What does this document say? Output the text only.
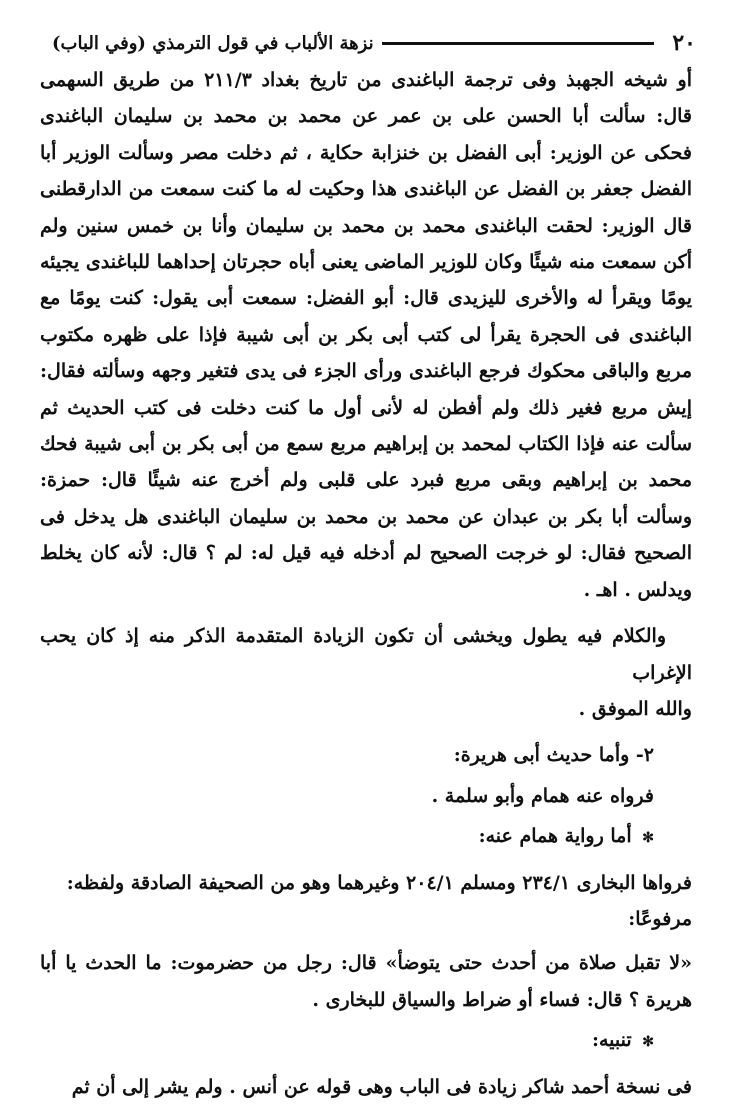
٢٠
نزهة الألباب في قول الترمذي (وفي الباب)

أو شيخه الجهبذ وفى ترجمة الباغندى من تاريخ بغداد ٢١١/٣ من طريق السهمى قال: سألت أبا الحسن على بن عمر عن محمد بن محمد بن سليمان الباغندى فحكى عن الوزير: أبى الفضل بن خنزابة حكاية ، ثم دخلت مصر وسألت الوزير أبا الفضل جعفر بن الفضل عن الباغندى هذا وحكيت له ما كنت سمعت من الدارقطنى قال الوزير: لحقت الباغندى محمد بن محمد بن سليمان وأنا بن خمس سنين ولم أكن سمعت منه شيئًا وكان للوزير الماضى يعنى أباه حجرتان إحداهما للباغندى يجيئه يومًا ويقرأ له والأخرى لليزيدى قال: أبو الفضل: سمعت أبى يقول: كنت يومًا مع الباغندى فى الحجرة يقرأ لى كتب أبى بكر بن أبى شيبة فإذا على ظهره مكتوب مربع والباقى محكوك فرجع الباغندى ورأى الجزء فى يدى فتغير وجهه وسألته فقال: إيش مربع فغير ذلك ولم أفطن له لأنى أول ما كنت دخلت فى كتب الحديث ثم سألت عنه فإذا الكتاب لمحمد بن إبراهيم مربع سمع من أبى بكر بن أبى شيبة فحك محمد بن إبراهيم وبقى مربع فبرد على قلبى ولم أخرج عنه شيئًا قال: حمزة: وسألت أبا بكر بن عبدان عن محمد بن محمد بن سليمان الباغندى هل يدخل فى الصحيح فقال: لو خرجت الصحيح لم أدخله فيه قيل له: لم ؟ قال: لأنه كان يخلط ويدلس . اهـ .

والكلام فيه يطول ويخشى أن تكون الزيادة المتقدمة الذكر منه إذ كان يحب الإغراب
والله الموفق .

٢- وأما حديث أبى هريرة:

فرواه عنه همام وأبو سلمة .

✻ أما رواية همام عنه:

فرواها البخارى ٢٣٤/١ ومسلم ٢٠٤/١ وغيرهما وهو من الصحيفة الصادقة ولفظه:
مرفوعًا:

«لا تقبل صلاة من أحدث حتى يتوضأ» قال: رجل من حضرموت: ما الحدث يا أبا هريرة ؟ قال: فساء أو ضراط والسياق للبخارى .

✻ تنبيه:

فى نسخة أحمد شاكر زيادة فى الباب وهى قوله عن أنس . ولم يشر إلى أن ثم
